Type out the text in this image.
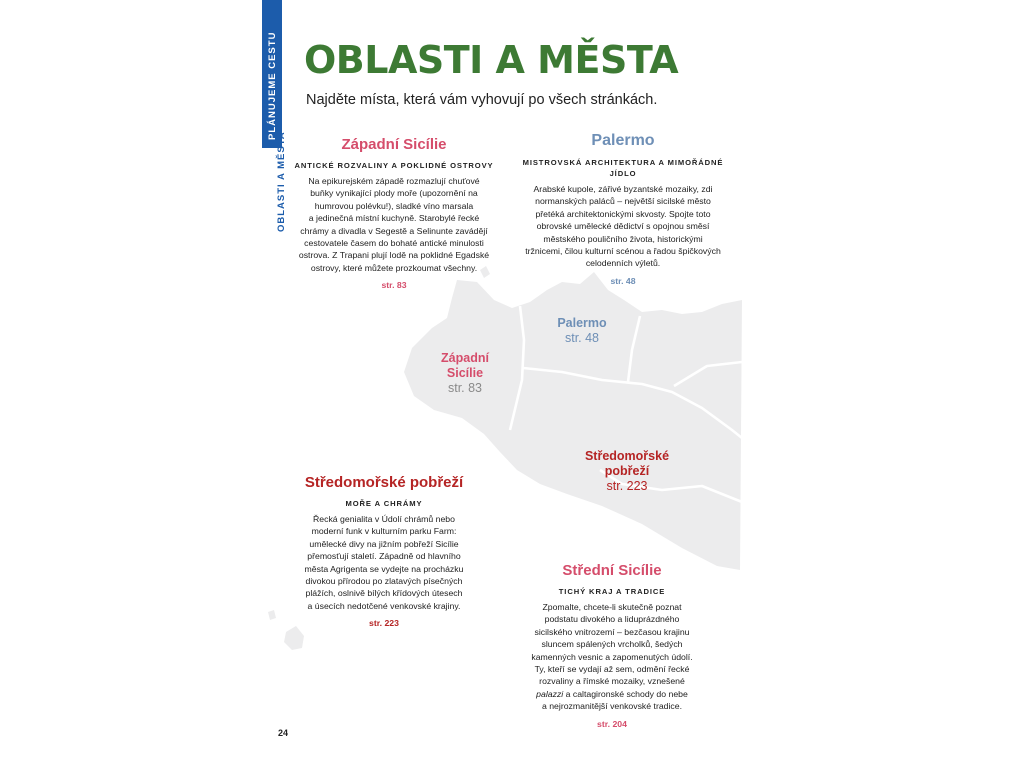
PLÁNUJEME CESTU
OBLASTI A MĚSTA
OBLASTI A MĚSTA
Najděte místa, která vám vyhovují po všech stránkách.
Palermo
str. 48
Západní
Sicílie
str. 83
Středomořské
pobřeží
str. 223
Západní Sicílie
ANTICKÉ ROZVALINY A POKLIDNÉ OSTROVY
Na epikurejském západě rozmazlují chuťové
buňky vynikající plody moře (upozornění na
humrovou polévku!), sladké víno marsala
a jedinečná místní kuchyně. Starobylé řecké
chrámy a divadla v Segestě a Selinunte zavádějí
cestovatele časem do bohaté antické minulosti
ostrova. Z Trapani plují lodě na poklidné Egadské
ostrovy, které můžete prozkoumat všechny.
str. 83
Palermo
MISTROVSKÁ ARCHITEKTURA A MIMOŘÁDNÉ
JÍDLO
Arabské kupole, zářivé byzantské mozaiky, zdi
normanských paláců – největší sicilské město
přetéká architektonickými skvosty. Spojte toto
obrovské umělecké dědictví s opojnou směsí
městského pouličního života, historickými
tržnicemi, čilou kulturní scénou a řadou špičkových
celodenních výletů.
str. 48
Středomořské pobřeží
MOŘE A CHRÁMY
Řecká genialita v Údolí chrámů nebo
moderní funk v kulturním parku Farm:
umělecké divy na jižním pobřeží Sicílie
přemosťují staletí. Západně od hlavního
města Agrigenta se vydejte na procházku
divokou přírodou po zlatavých písečných
plážích, oslnivě bílých křídových útesech
a úsecích nedotčené venkovské krajiny.
str. 223
Střední Sicílie
TICHÝ KRAJ A TRADICE
Zpomalte, chcete-li skutečně poznat
podstatu divokého a liduprázdného
sicilského vnitrozemí – bezčasou krajinu
sluncem spálených vrcholků, šedých
kamenných vesnic a zapomenutých údolí.
Ty, kteří se vydají až sem, odmění řecké
rozvaliny a římské mozaiky, vznešené
palazzi a caltagironské schody do nebe
a nejrozmanitější venkovské tradice.
str. 204
24
